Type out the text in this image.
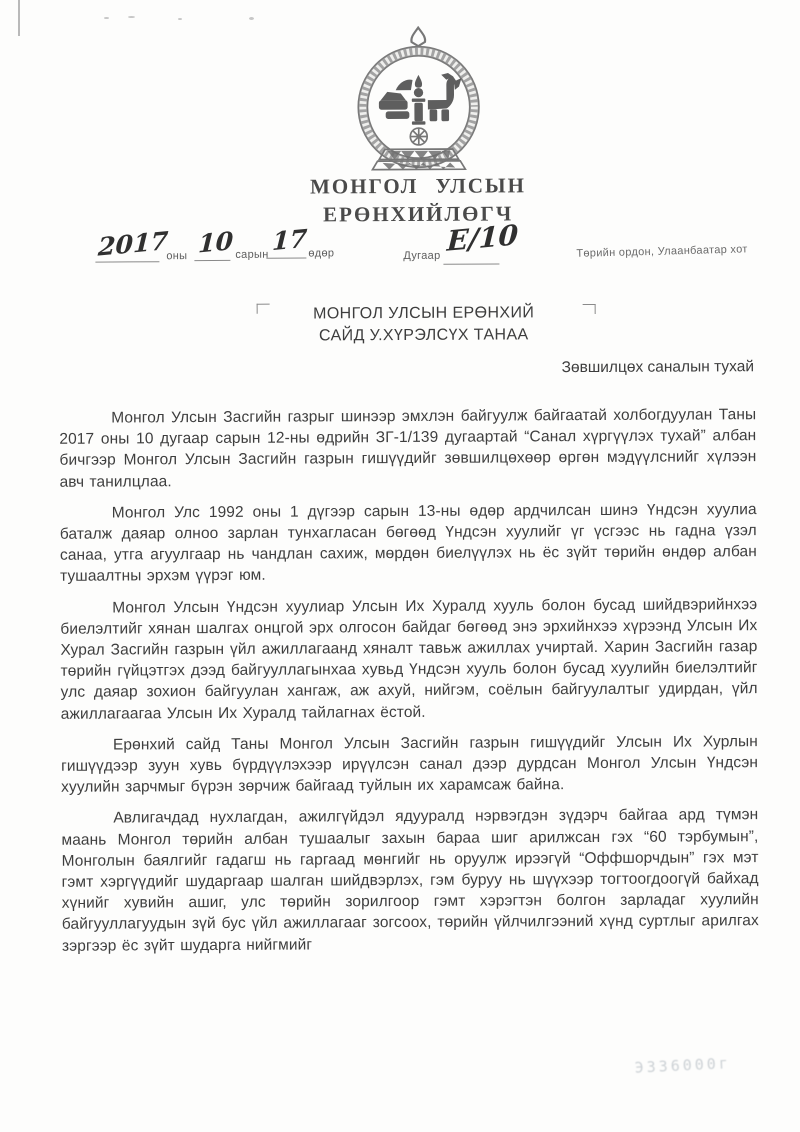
МОНГОЛ УЛСЫН
ЕРӨНХИЙЛӨГЧ
2017
оны 10 сарын 17 өдөр	Дугаар Е/10	Төрийн ордон, Улаанбаатар хот
МОНГОЛ УЛСЫН ЕРӨНХИЙ
САЙД У.ХҮРЭЛСҮХ ТАНАА
Зөвшилцөх саналын тухай

Монгол Улсын Засгийн газрыг шинээр эмхлэн байгуулж байгаатай холбогдуулан Таны 2017 оны 10 дугаар сарын 12-ны өдрийн ЗГ-1/139 дугаартай “Санал хүргүүлэх тухай” албан бичгээр Монгол Улсын Засгийн газрын гишүүдийг зөвшилцөхөөр өргөн мэдүүлснийг хүлээн авч танилцлаа.

Монгол Улс 1992 оны 1 дүгээр сарын 13-ны өдөр ардчилсан шинэ Үндсэн хуулиа баталж даяар олноо зарлан тунхагласан бөгөөд Үндсэн хуулийг үг үсгээс нь гадна үзэл санаа, утга агуулгаар нь чандлан сахиж, мөрдөн биелүүлэх нь ёс зүйт төрийн өндөр албан тушаалтны эрхэм үүрэг юм.

Монгол Улсын Үндсэн хуулиар Улсын Их Хуралд хууль болон бусад шийдвэрийнхээ биелэлтийг хянан шалгах онцгой эрх олгосон байдаг бөгөөд энэ эрхийнхээ хүрээнд Улсын Их Хурал Засгийн газрын үйл ажиллагаанд хяналт тавьж ажиллах учиртай. Харин Засгийн газар төрийн гүйцэтгэх дээд байгууллагынхаа хувьд Үндсэн хууль болон бусад хуулийн биелэлтийг улс даяар зохион байгуулан хангаж, аж ахуй, нийгэм, соёлын байгуулалтыг удирдан, үйл ажиллагаагаа Улсын Их Хуралд тайлагнах ёстой.

Ерөнхий сайд Таны Монгол Улсын Засгийн газрын гишүүдийг Улсын Их Хурлын гишүүдээр зуун хувь бүрдүүлэхээр ирүүлсэн санал дээр дурдсан Монгол Улсын Үндсэн хуулийн зарчмыг бүрэн зөрчиж байгаад туйлын их харамсаж байна.

Авлигачдад нухлагдан, ажилгүйдэл ядууралд нэрвэгдэн зүдэрч байгаа ард түмэн маань Монгол төрийн албан тушаалыг захын бараа шиг арилжсан гэх “60 тэрбумын”, Монголын баялгийг гадагш нь гаргаад мөнгийг нь оруулж ирээгүй “Оффшорчдын” гэх мэт гэмт хэргүүдийг шударгаар шалган шийдвэрлэх, гэм буруу нь шүүхээр тогтоогдоогүй байхад хүнийг хувийн ашиг, улс төрийн зорилгоор гэмт хэрэгтэн болгон зарладаг хуулийн байгууллагуудын зүй бус үйл ажиллагааг зогсоох, төрийн үйлчилгээний хүнд суртлыг арилгах зэргээр ёс зүйт шударга нийгмийг

ЭЗЗ6000г
